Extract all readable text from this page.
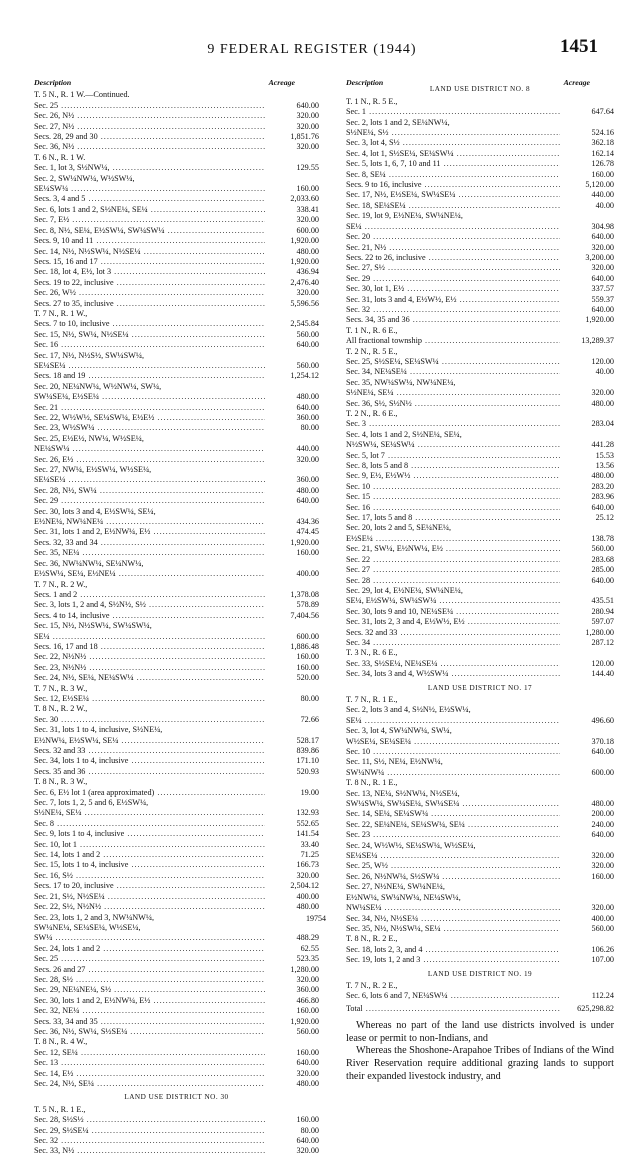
9 FEDERAL REGISTER (1944)	1451
Description	Acreage
T. 5 N., R. 1 W.—Continued.
Sec. 25 .....	640.00
Sec. 26, N½ .....	320.00
Sec. 27, N½ .....	320.00
Secs. 28, 29 and 30 .....	1,851.76
Sec. 36, N½ .....	320.00
T. 6 N., R. 1 W.
Sec. 1, lot 3, S½NW¼, .....	129.55
Sec. 2, SW¼NW¼, W½SW¼,
SE¼SW¼ .....	160.00
Secs. 3, 4 and 5 .....	2,033.60
Sec. 6, lots 1 and 2, S½NE¼, SE¼ .....	338.41
Sec. 7, E½ .....	320.00
Sec. 8, N½, SE¼, E½SW¼, SW¼SW¼ .....	600.00
Secs. 9, 10 and 11 .....	1,920.00
Sec. 14, N½, N½SW¼, N½SE¼ .....	480.00
Secs. 15, 16 and 17 .....	1,920.00
Sec. 18, lot 4, E½, lot 3 .....	436.94
Secs. 19 to 22, inclusive .....	2,476.40
Sec. 26, W½ .....	320.00
Secs. 27 to 35, inclusive .....	5,596.56
T. 7 N., R. 1 W.,
Secs. 7 to 10, inclusive .....	2,545.84
Sec. 15, N½, SW¼, N½SE¼ .....	560.00
Sec. 16 .....	640.00
Sec. 17, N½, N½S½, SW¼SW¼,
SE¼SE¼ .....	560.00
Secs. 18 and 19 .....	1,254.12
Sec. 20, NE¼NW¼, W½NW¼, SW¼,
SW¼SE¼, E½SE¼ .....	480.00
Sec. 21 .....	640.00
Sec. 22, W½W½, SE¼SW¼, E½E½ .....	360.00
Sec. 23, W½SW¼ .....	80.00
Sec. 25, E½E½, NW¼, W½SE¼,
NE¼SW¼ .....	440.00
Sec. 26, E½ .....	320.00
Sec. 27, NW¼, E½SW¼, W½SE¼,
SE¼SE¼ .....	360.00
Sec. 28, N½, SW¼ .....	480.00
Sec. 29 .....	640.00
Sec. 30, lots 3 and 4, E½SW¼, SE¼,
E½NE¼, NW¼NE¼ .....	434.36
Sec. 31, lots 1 and 2, E½NW¼, E½ .....	474.45
Secs. 32, 33 and 34 .....	1,920.00
Sec. 35, NE¼ .....	160.00
Sec. 36, NW¼NW¼, SE¼NW¼,
E½SW¼, SE¼, E½NE¼ .....	400.00
T. 7 N., R. 2 W.,
Secs. 1 and 2 .....	1,378.08
Sec. 3, lots 1, 2 and 4, S½N½, S½ .....	578.89
Secs. 4 to 14, inclusive .....	7,404.56
Sec. 15, N½, N½SW¼, SW¼SW¼,
SE¼ .....	600.00
Secs. 16, 17 and 18 .....	1,886.48
Sec. 22, N½N½ .....	160.00
Sec. 23, N½N½ .....	160.00
Sec. 24, N½, SE¼, NE¼SW¼ .....	520.00
T. 7 N., R. 3 W.,
Sec. 12, E½SE¼ .....	80.00
T. 8 N., R. 2 W.,
Sec. 30 .....	72.66
Sec. 31, lots 1 to 4, inclusive, S½NE¼,
E½NW¼, E½SW¼, SE¼ .....	528.17
Secs. 32 and 33 .....	839.86
Sec. 34, lots 1 to 4, inclusive .....	171.10
Secs. 35 and 36 .....	520.93
T. 8 N., R. 3 W.,
Sec. 6, E½ lot 1 (area approximated) .....	19.00
Sec. 7, lots 1, 2, 5 and 6, E½SW¼,
S½NE¼, SE¼ .....	132.93
Sec. 8 .....	552.65
Sec. 9, lots 1 to 4, inclusive .....	141.54
Sec. 10, lot 1 .....	33.40
Sec. 14, lots 1 and 2 .....	71.25
Sec. 15, lots 1 to 4, inclusive .....	166.73
Sec. 16, S½ .....	320.00
Secs. 17 to 20, inclusive .....	2,504.12
Sec. 21, S½, N½SE¼ .....	400.00
Sec. 22, S½, N½N½ .....	480.00
Sec. 23, lots 1, 2 and 3, NW¼NW¼,
SW¼NE¼, SE¼SE¼, W½SE¼,
SW¼ .....	488.29
Sec. 24, lots 1 and 2 .....	62.55
Sec. 25 .....	523.35
Secs. 26 and 27 .....	1,280.00
Sec. 28, S½ .....	320.00
Sec. 29, NE¼NE¼, S½ .....	360.00
Sec. 30, lots 1 and 2, E½NW¼, E½ .....	466.80
Sec. 32, NE¼ .....	160.00
Secs. 33, 34 and 35 .....	1,920.00
Sec. 36, N½, SW¼, S½SE¼ .....	560.00
T. 8 N., R. 4 W.,
Sec. 12, SE¼ .....	160.00
Sec. 13 .....	640.00
Sec. 14, E½ .....	320.00
Sec. 24, N½, SE¼ .....	480.00
LAND USE DISTRICT NO. 30
T. 5 N., R. 1 E.,
Sec. 28, S½S½ .....	160.00
Sec. 29, S½SE¼ .....	80.00
Sec. 32 .....	640.00
Sec. 33, N½ .....	320.00
Description	Acreage
LAND USE DISTRICT NO. 8
T. 1 N., R. 5 E.,
Sec. 1 .....	647.64
Sec. 2, lots 1 and 2, SE¼NW¼,
S½NE¼, S½ .....	524.16
Sec. 3, lot 4, S½ .....	362.18
Sec. 4, lot 1, S½SE¼, SE¼SW¼ .....	162.14
Sec. 5, lots 1, 6, 7, 10 and 11 .....	126.78
Sec. 8, SE¼ .....	160.00
Secs. 9 to 16, inclusive .....	5,120.00
Sec. 17, N½, E½SE¼, SW¼SE¼ .....	440.00
Sec. 18, SE¼SE¼ .....	40.00
Sec. 19, lot 9, E½NE¼, SW¼NE¼,
SE¼ .....	304.98
Sec. 20 .....	640.00
Sec. 21, N½ .....	320.00
Secs. 22 to 26, inclusive .....	3,200.00
Sec. 27, S½ .....	320.00
Sec. 29 .....	640.00
Sec. 30, lot 1, E½ .....	337.57
Sec. 31, lots 3 and 4, E½W½, E½ .....	559.37
Sec. 32 .....	640.00
Secs. 34, 35 and 36 .....	1,920.00
T. 1 N., R. 6 E.,
All fractional township .....	13,289.37
T. 2 N., R. 5 E.,
Sec. 25, S½SE¼, SE¼SW¼ .....	120.00
Sec. 34, NE¼SE¼ .....	40.00
Sec. 35, NW¼SW¼, NW¼NE¼,
S½NE¼, SE¼ .....	320.00
Sec. 36, S½, S½N½ .....	480.00
T. 2 N., R. 6 E.,
Sec. 3 .....	283.04
Sec. 4, lots 1 and 2, S½NE¼, SE¼,
N½SW¼, SE¼SW¼ .....	441.28
Sec. 5, lot 7 .....	15.53
Sec. 8, lots 5 and 8 .....	13.56
Sec. 9, E½, E½W½ .....	480.00
Sec. 10 .....	283.20
Sec. 15 .....	283.96
Sec. 16 .....	640.00
Sec. 17, lots 5 and 8 .....	25.12
Sec. 20, lots 2 and 5, SE¼NE¼,
E½SE¼ .....	138.78
Sec. 21, SW¼, E½NW¼, E½ .....	560.00
Sec. 22 .....	283.68
Sec. 27 .....	285.00
Sec. 28 .....	640.00
Sec. 29, lot 4, E½NE¼, SW¼NE¼,
SE¼, E½SW¼, SW¼SW¼ .....	435.51
Sec. 30, lots 9 and 10, NE¼SE¼ .....	280.94
Sec. 31, lots 2, 3 and 4, E½W½, E½ .....	597.07
Secs. 32 and 33 .....	1,280.00
Sec. 34 .....	287.12
T. 3 N., R. 6 E.,
Sec. 33, S½SE¼, NE¼SE¼ .....	120.00
Sec. 34, lots 3 and 4, W½SW¼ .....	144.40
LAND USE DISTRICT NO. 17
T. 7 N., R. 1 E.,
Sec. 2, lots 3 and 4, S½N½, E½SW¼,
SE¼ .....	496.60
Sec. 3, lot 4, SW¼NW¼, SW¼,
W½SE¼, SE¼SE¼ .....	370.18
Sec. 10 .....	640.00
Sec. 11, S½, NE¼, E½NW¼,
SW¼NW¼ .....	600.00
T. 8 N., R. 1 E.,
Sec. 13, NE¼, S½NW¼, N½SE¼,
SW¼SW¼, SW¼SE¼, SW¼SE¼ .....	480.00
Sec. 14, SE¼, SE¼SW¼ .....	200.00
Sec. 22, SE¼NE¼, SE¼SW¼, SE¼ .....	240.00
Sec. 23 .....	640.00
Sec. 24, W½W½, SE¼SW¼, W½SE¼,
SE¼SE¼ .....	320.00
Sec. 25, W½ .....	320.00
Sec. 26, N½NW¼, S½SW¼ .....	160.00
Sec. 27, N½NE¼, SW¼NE¼,
E½NW¼, SW¼NW¼, NE¼SW¼,
NW¼SE¼ .....	320.00
Sec. 34, N½, N½SE¼ .....	400.00
Sec. 35, N½, N½SW¼, SE¼ .....	560.00
T. 8 N., R. 2 E.,
Sec. 18, lots 2, 3, and 4 .....	106.26
Sec. 19, lots 1, 2 and 3 .....	107.00
LAND USE DISTRICT NO. 19
T. 7 N., R. 2 E.,
Sec. 6, lots 6 and 7, NE¼SW¼ .....	112.24
Total .....	625,298.82
Whereas no part of the land use districts involved is under lease or permit to non-Indians, and
Whereas the Shoshone-Arapahoe Tribes of Indians of the Wind River Reservation require additional grazing lands to support their expanded livestock industry, and
19754
